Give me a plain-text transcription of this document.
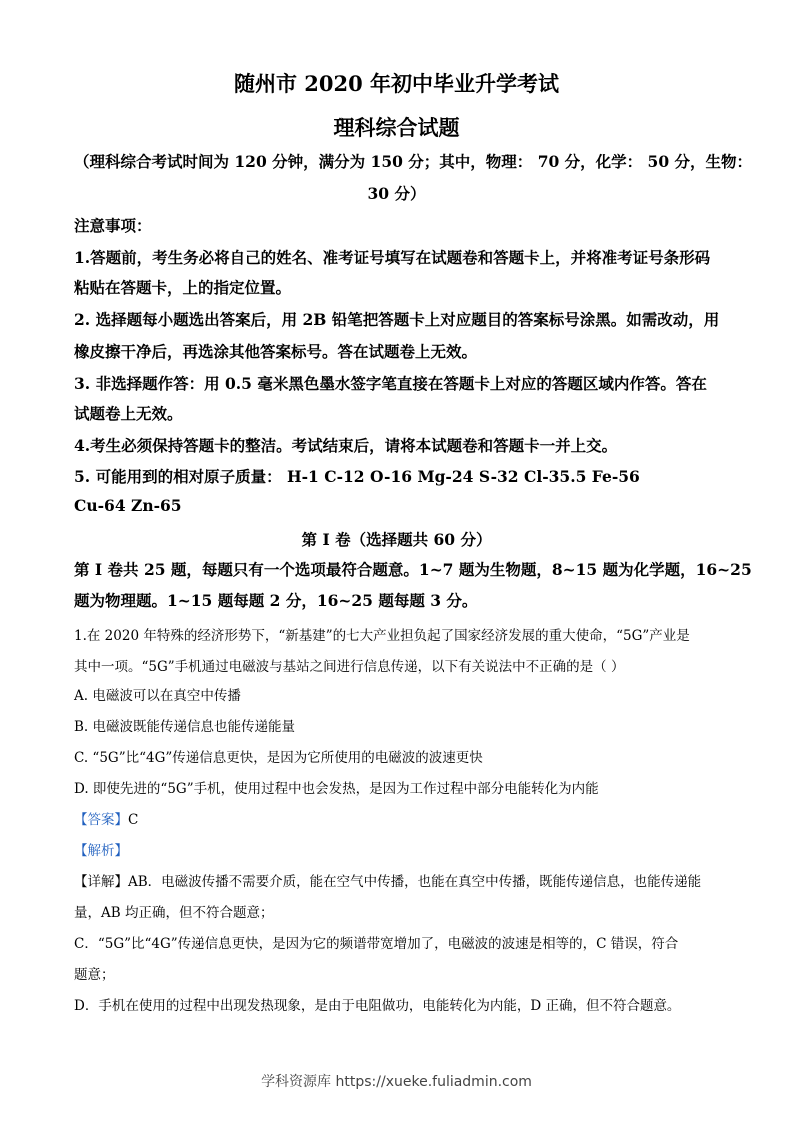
随州市 2020 年初中毕业升学考试
理科综合试题
（理科综合考试时间为 120 分钟，满分为 150 分；其中，物理： 70 分，化学： 50 分，生物：
30 分）
注意事项：
1.答题前，考生务必将自己的姓名、准考证号填写在试题卷和答题卡上，并将准考证号条形码
粘贴在答题卡，上的指定位置。
2. 选择题每小题选出答案后，用 2B 铅笔把答题卡上对应题目的答案标号涂黑。如需改动，用
橡皮擦干净后，再选涂其他答案标号。答在试题卷上无效。
3. 非选择题作答：用 0.5 毫米黑色墨水签字笔直接在答题卡上对应的答题区域内作答。答在
试题卷上无效。
4.考生必须保持答题卡的整洁。考试结束后，请将本试题卷和答题卡一并上交。
5. 可能用到的相对原子质量： H-1 C-12 O-16 Mg-24 S-32 Cl-35.5 Fe-56
Cu-64 Zn-65
第 I 卷（选择题共 60 分）
第 I 卷共 25 题，每题只有一个选项最符合题意。1~7 题为生物题，8~15 题为化学题，16~25
题为物理题。1~15 题每题 2 分，16~25 题每题 3 分。
1.在 2020 年特殊的经济形势下，“新基建”的七大产业担负起了国家经济发展的重大使命，“5G”产业是
其中一项。“5G”手机通过电磁波与基站之间进行信息传递，以下有关说法中不正确的是（ ）
A. 电磁波可以在真空中传播
B. 电磁波既能传递信息也能传递能量
C. “5G”比“4G”传递信息更快，是因为它所使用的电磁波的波速更快
D. 即使先进的“5G”手机，使用过程中也会发热，是因为工作过程中部分电能转化为内能
【答案】C
【解析】
【详解】AB．电磁波传播不需要介质，能在空气中传播，也能在真空中传播，既能传递信息，也能传递能
量，AB 均正确，但不符合题意；
C．“5G”比“4G”传递信息更快，是因为它的频谱带宽增加了，电磁波的波速是相等的，C 错误，符合
题意；
D．手机在使用的过程中出现发热现象，是由于电阻做功，电能转化为内能，D 正确，但不符合题意。
学科资源库 https://xueke.fuliadmin.com
